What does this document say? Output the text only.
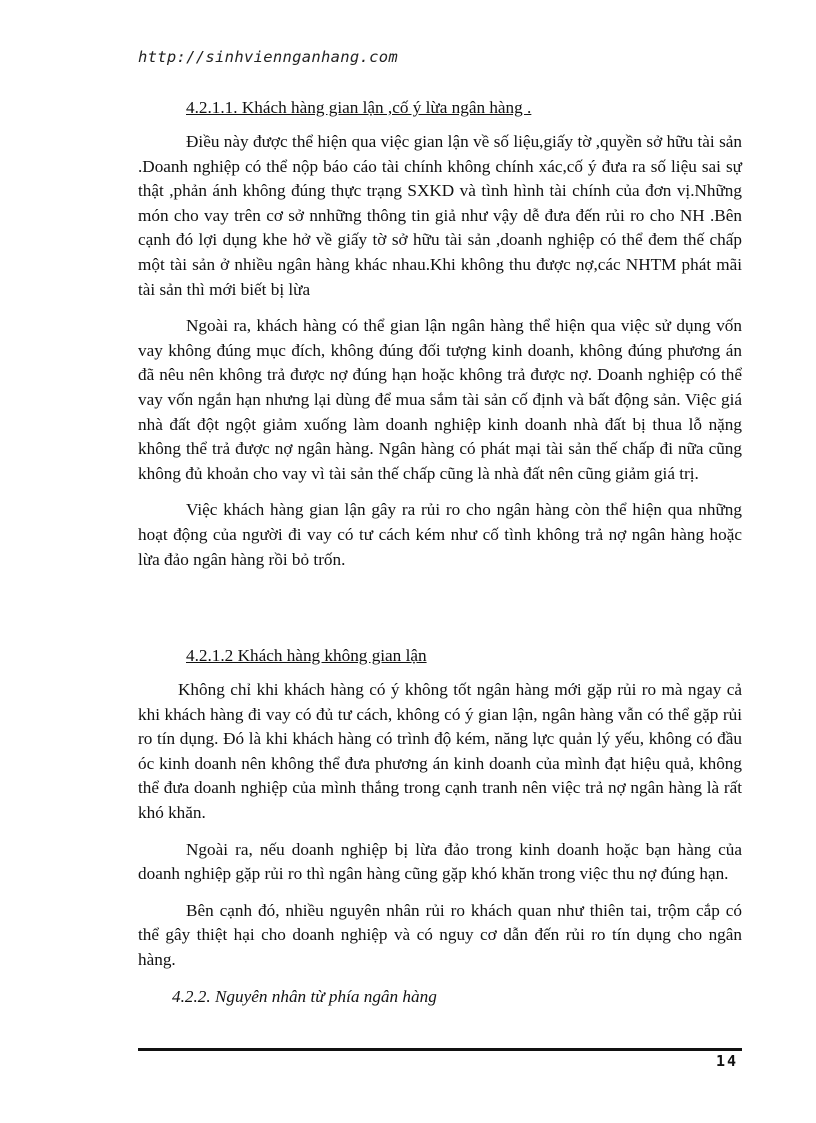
http://sinhviennganhang.com
4.2.1.1. Khách hàng gian lận ,cố ý lừa ngân hàng .

Điều này được thể hiện qua việc gian lận về số liệu,giấy tờ ,quyền sở hữu tài sản .Doanh nghiệp có thể nộp báo cáo tài chính không chính xác,cố ý đưa ra số liệu sai sự thật ,phản ánh không đúng thực trạng SXKD và tình hình tài chính của đơn vị.Những món cho vay trên cơ sở nnhững thông tin giả như vậy dễ đưa đến rủi ro cho NH .Bên cạnh đó lợi dụng khe hở về giấy tờ sở hữu tài sản ,doanh nghiệp có thể đem thế chấp một tài sản ở nhiều ngân hàng khác nhau.Khi không thu được nợ,các NHTM phát mãi tài sản thì mới biết bị lừa

Ngoài ra, khách hàng có thể gian lận ngân hàng thể hiện qua việc sử dụng vốn vay không đúng mục đích, không đúng đối tượng kinh doanh, không đúng phương án đã nêu nên không trả được nợ đúng hạn hoặc không trả được nợ. Doanh nghiệp có thể vay vốn ngắn hạn nhưng lại dùng để mua sắm tài sản cố định và bất động sản. Việc giá nhà đất đột ngột giảm xuống làm doanh nghiệp kinh doanh nhà đất bị thua lỗ nặng không thể trả được nợ ngân hàng. Ngân hàng có phát mại tài sản thế chấp đi nữa cũng không đủ khoản cho vay vì tài sản thế chấp cũng là nhà đất nên cũng giảm giá trị.

Việc khách hàng gian lận gây ra rủi ro cho ngân hàng còn thể hiện qua những hoạt động của người đi vay có tư cách kém như cố tình không trả nợ ngân hàng hoặc lừa đảo ngân hàng rồi bỏ trốn.

4.2.1.2 Khách hàng không gian lận

Không chỉ khi khách hàng có ý không tốt ngân hàng mới gặp rủi ro mà ngay cả khi khách hàng đi vay có đủ tư cách, không có ý gian lận, ngân hàng vẫn có thể gặp rủi ro tín dụng. Đó là khi khách hàng có trình độ kém, năng lực quản lý yếu, không có đầu óc kinh doanh nên không thể đưa phương án kinh doanh của mình đạt hiệu quả, không thể đưa doanh nghiệp của mình thắng trong cạnh tranh nên việc trả nợ ngân hàng là rất khó khăn.

Ngoài ra, nếu doanh nghiệp bị lừa đảo trong kinh doanh hoặc bạn hàng của doanh nghiệp gặp rủi ro thì ngân hàng cũng gặp khó khăn trong việc thu nợ đúng hạn.

Bên cạnh đó, nhiều nguyên nhân rủi ro khách quan như thiên tai, trộm cắp có thể gây thiệt hại cho doanh nghiệp và có nguy cơ dẫn đến rủi ro tín dụng cho ngân hàng.

4.2.2. Nguyên nhân từ phía ngân hàng
14
